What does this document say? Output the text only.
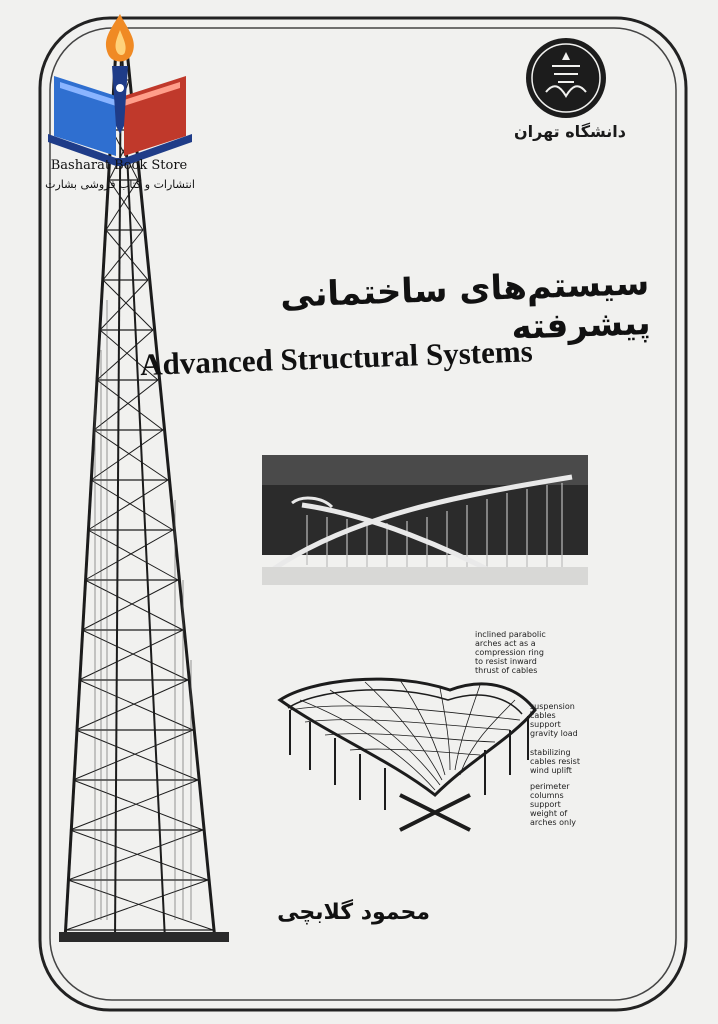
Basharat Book Store
انتشارات و کتاب فروشی بشارت
دانشگاه تهران
سیستم‌های ساختمانی پیشرفته
Advanced Structural Systems
inclined parabolic
arches act as a
compression ring
to resist inward
thrust of cables
suspension
cables
support
gravity load
stabilizing
cables resist
wind uplift
perimeter
columns
support
weight of
arches only
محمود گلابچی
